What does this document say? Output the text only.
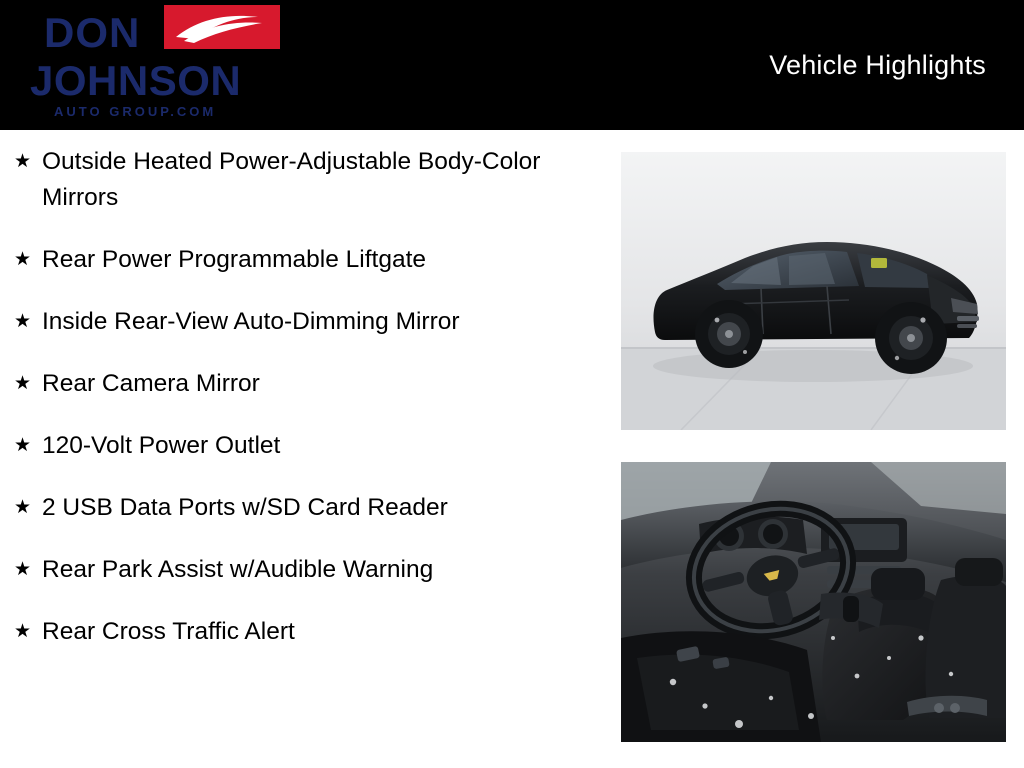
DON
JOHNSON
AUTO GROUP.COM
Vehicle Highlights
★ Outside Heated Power-Adjustable Body-Color Mirrors
★ Rear Power Programmable Liftgate
★ Inside Rear-View Auto-Dimming Mirror
★ Rear Camera Mirror
★ 120-Volt Power Outlet
★ 2 USB Data Ports w/SD Card Reader
★ Rear Park Assist w/Audible Warning
★ Rear Cross Traffic Alert
